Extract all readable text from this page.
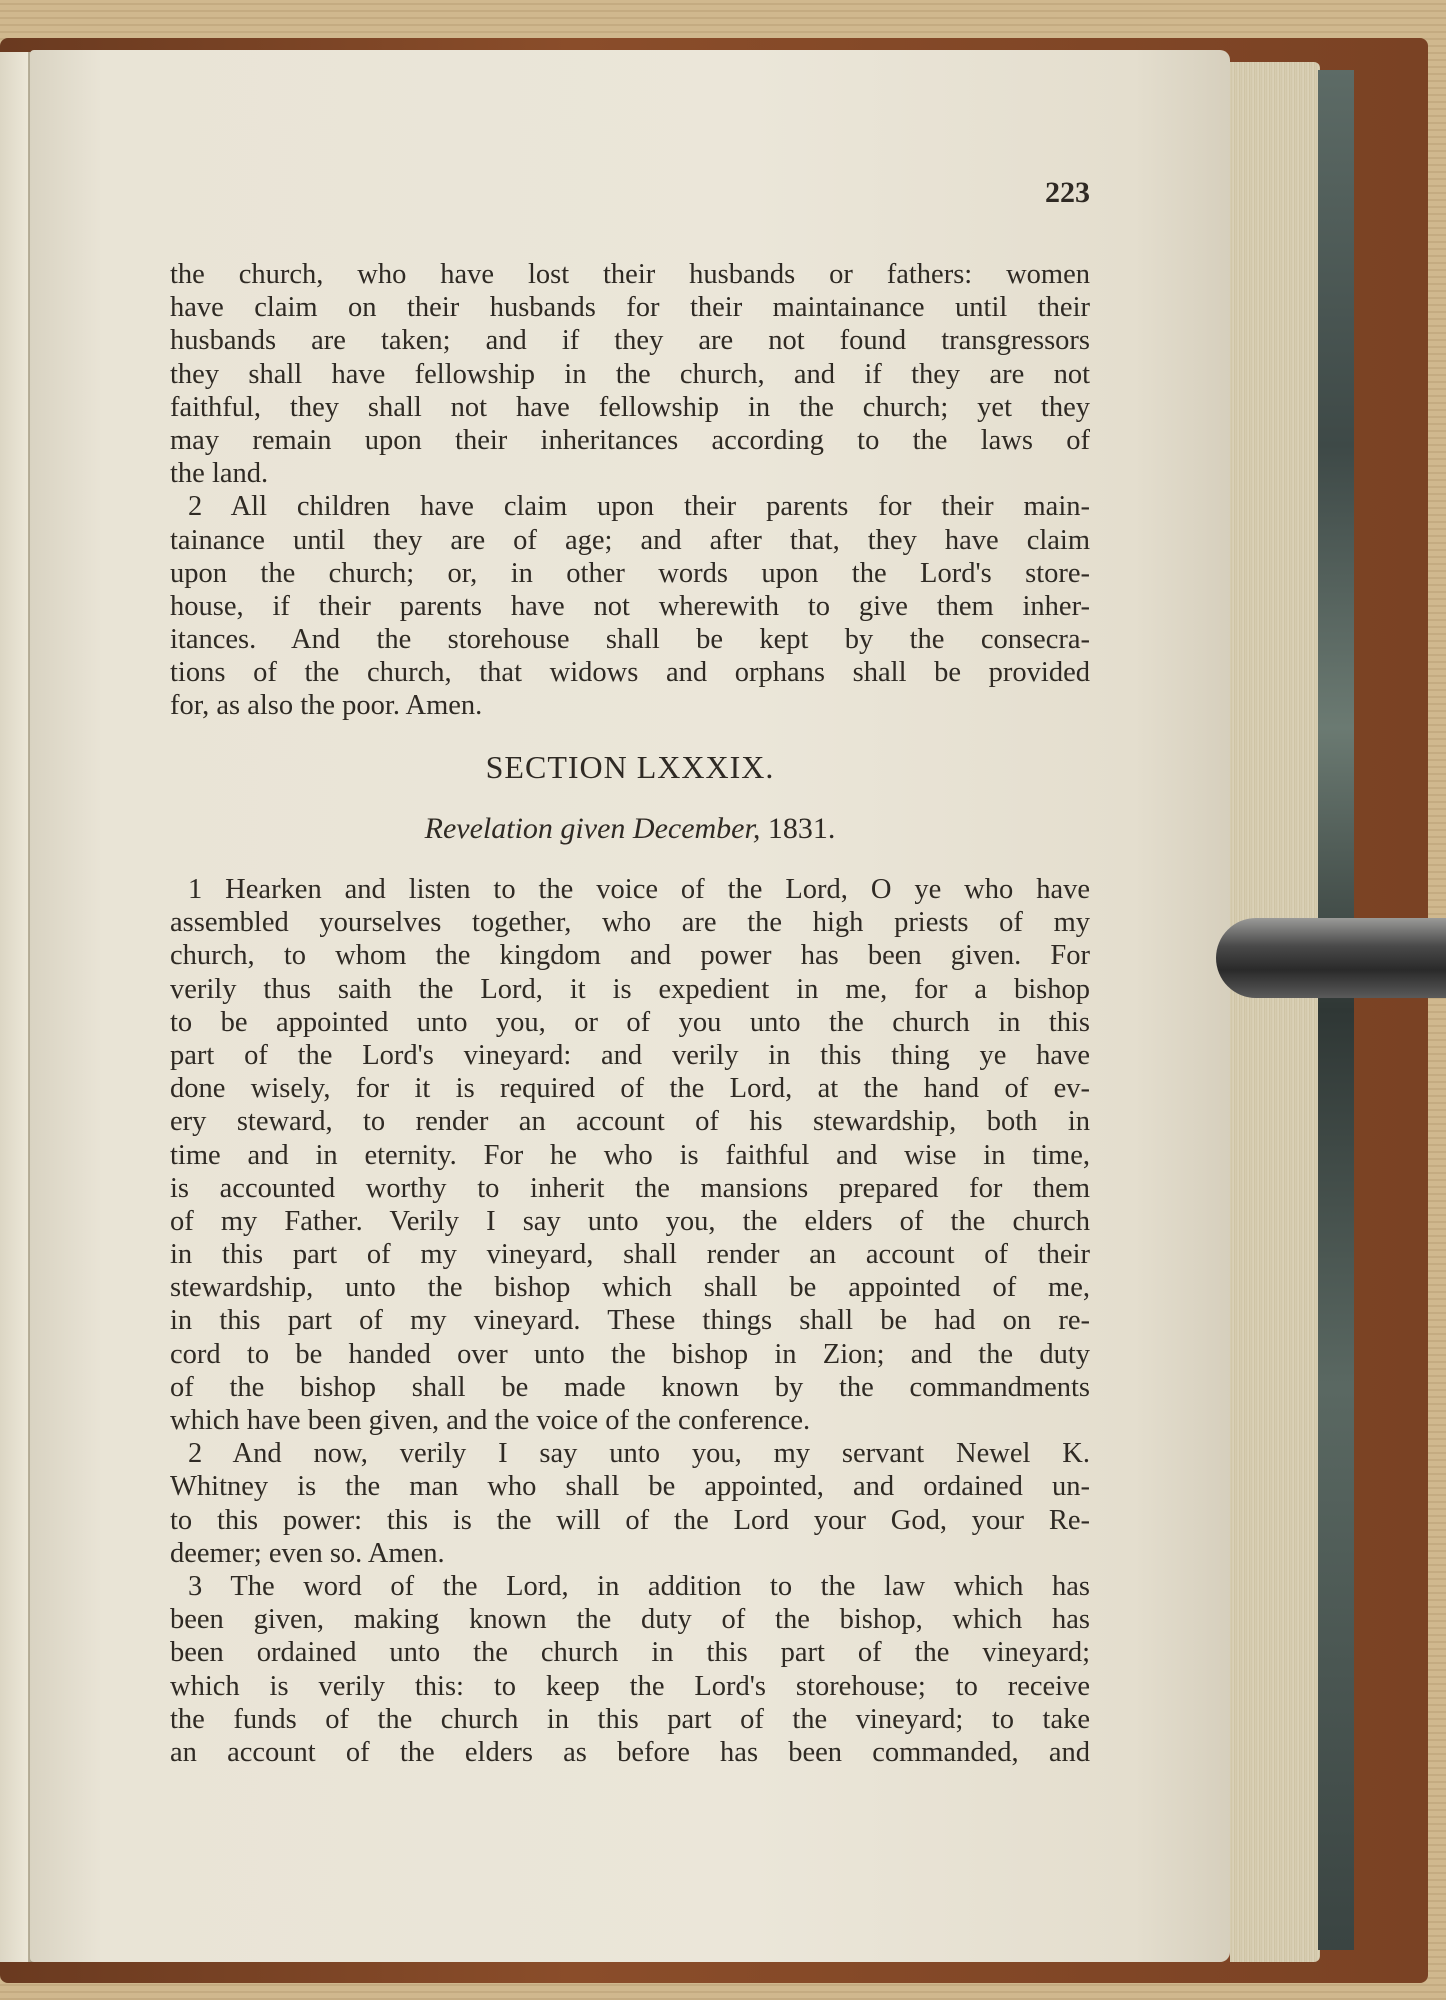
223
the church, who have lost their husbands or fathers: women
have claim on their husbands for their maintainance until their
husbands are taken; and if they are not found transgressors
they shall have fellowship in the church, and if they are not
faithful, they shall not have fellowship in the church; yet they
may remain upon their inheritances according to the laws of
the land.
2 All children have claim upon their parents for their main-
tainance until they are of age; and after that, they have claim
upon the church; or, in other words upon the Lord's store-
house, if their parents have not wherewith to give them inher-
itances. And the storehouse shall be kept by the consecra-
tions of the church, that widows and orphans shall be provided
for, as also the poor. Amen.
SECTION LXXXIX.
Revelation given December, 1831.
1 Hearken and listen to the voice of the Lord, O ye who have
assembled yourselves together, who are the high priests of my
church, to whom the kingdom and power has been given. For
verily thus saith the Lord, it is expedient in me, for a bishop
to be appointed unto you, or of you unto the church in this
part of the Lord's vineyard: and verily in this thing ye have
done wisely, for it is required of the Lord, at the hand of ev-
ery steward, to render an account of his stewardship, both in
time and in eternity. For he who is faithful and wise in time,
is accounted worthy to inherit the mansions prepared for them
of my Father. Verily I say unto you, the elders of the church
in this part of my vineyard, shall render an account of their
stewardship, unto the bishop which shall be appointed of me,
in this part of my vineyard. These things shall be had on re-
cord to be handed over unto the bishop in Zion; and the duty
of the bishop shall be made known by the commandments
which have been given, and the voice of the conference.
2 And now, verily I say unto you, my servant Newel K.
Whitney is the man who shall be appointed, and ordained un-
to this power: this is the will of the Lord your God, your Re-
deemer; even so. Amen.
3 The word of the Lord, in addition to the law which has
been given, making known the duty of the bishop, which has
been ordained unto the church in this part of the vineyard;
which is verily this: to keep the Lord's storehouse; to receive
the funds of the church in this part of the vineyard; to take
an account of the elders as before has been commanded, and
